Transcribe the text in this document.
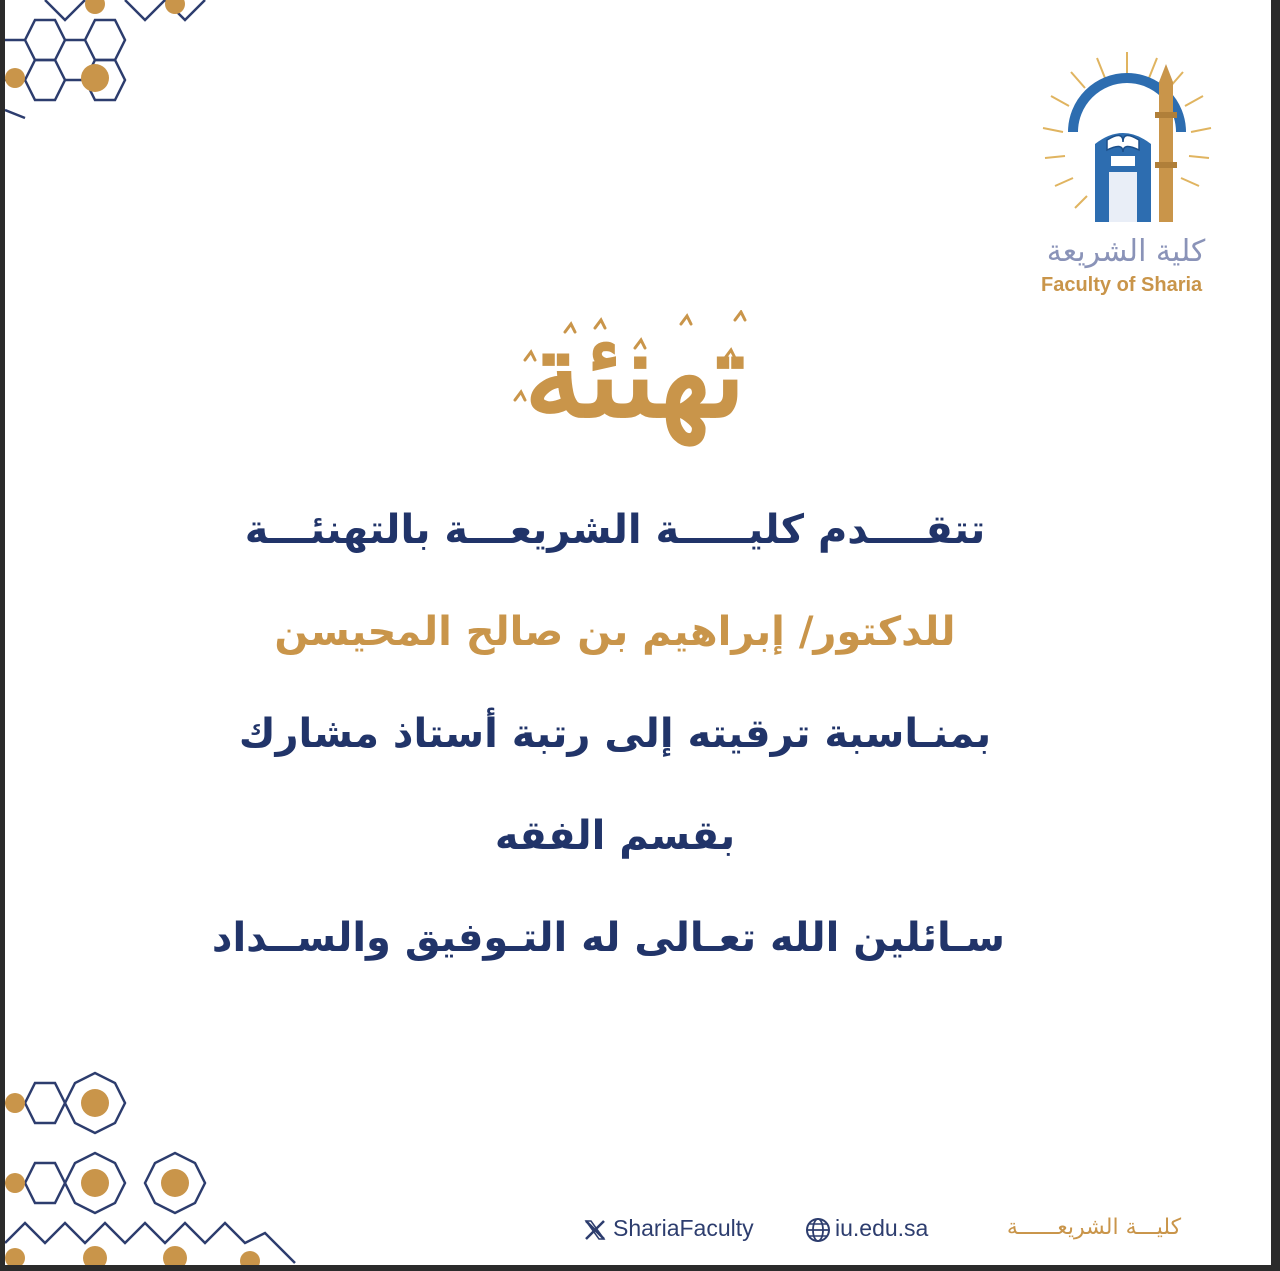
كلية الشريعة
Faculty of Sharia
تهنئة
تتقــــدم كليـــــة الشريعـــة بالتهنئـــة
للدكتور/ إبراهيم بن صالح المحيسن
بمنـاسبة ترقيته إلى رتبة أستاذ مشارك
بقسم الفقه
سـائلين الله تعـالى له التـوفيق والســداد
ShariaFaculty	iu.edu.sa	كليـــة الشريعــــــة
